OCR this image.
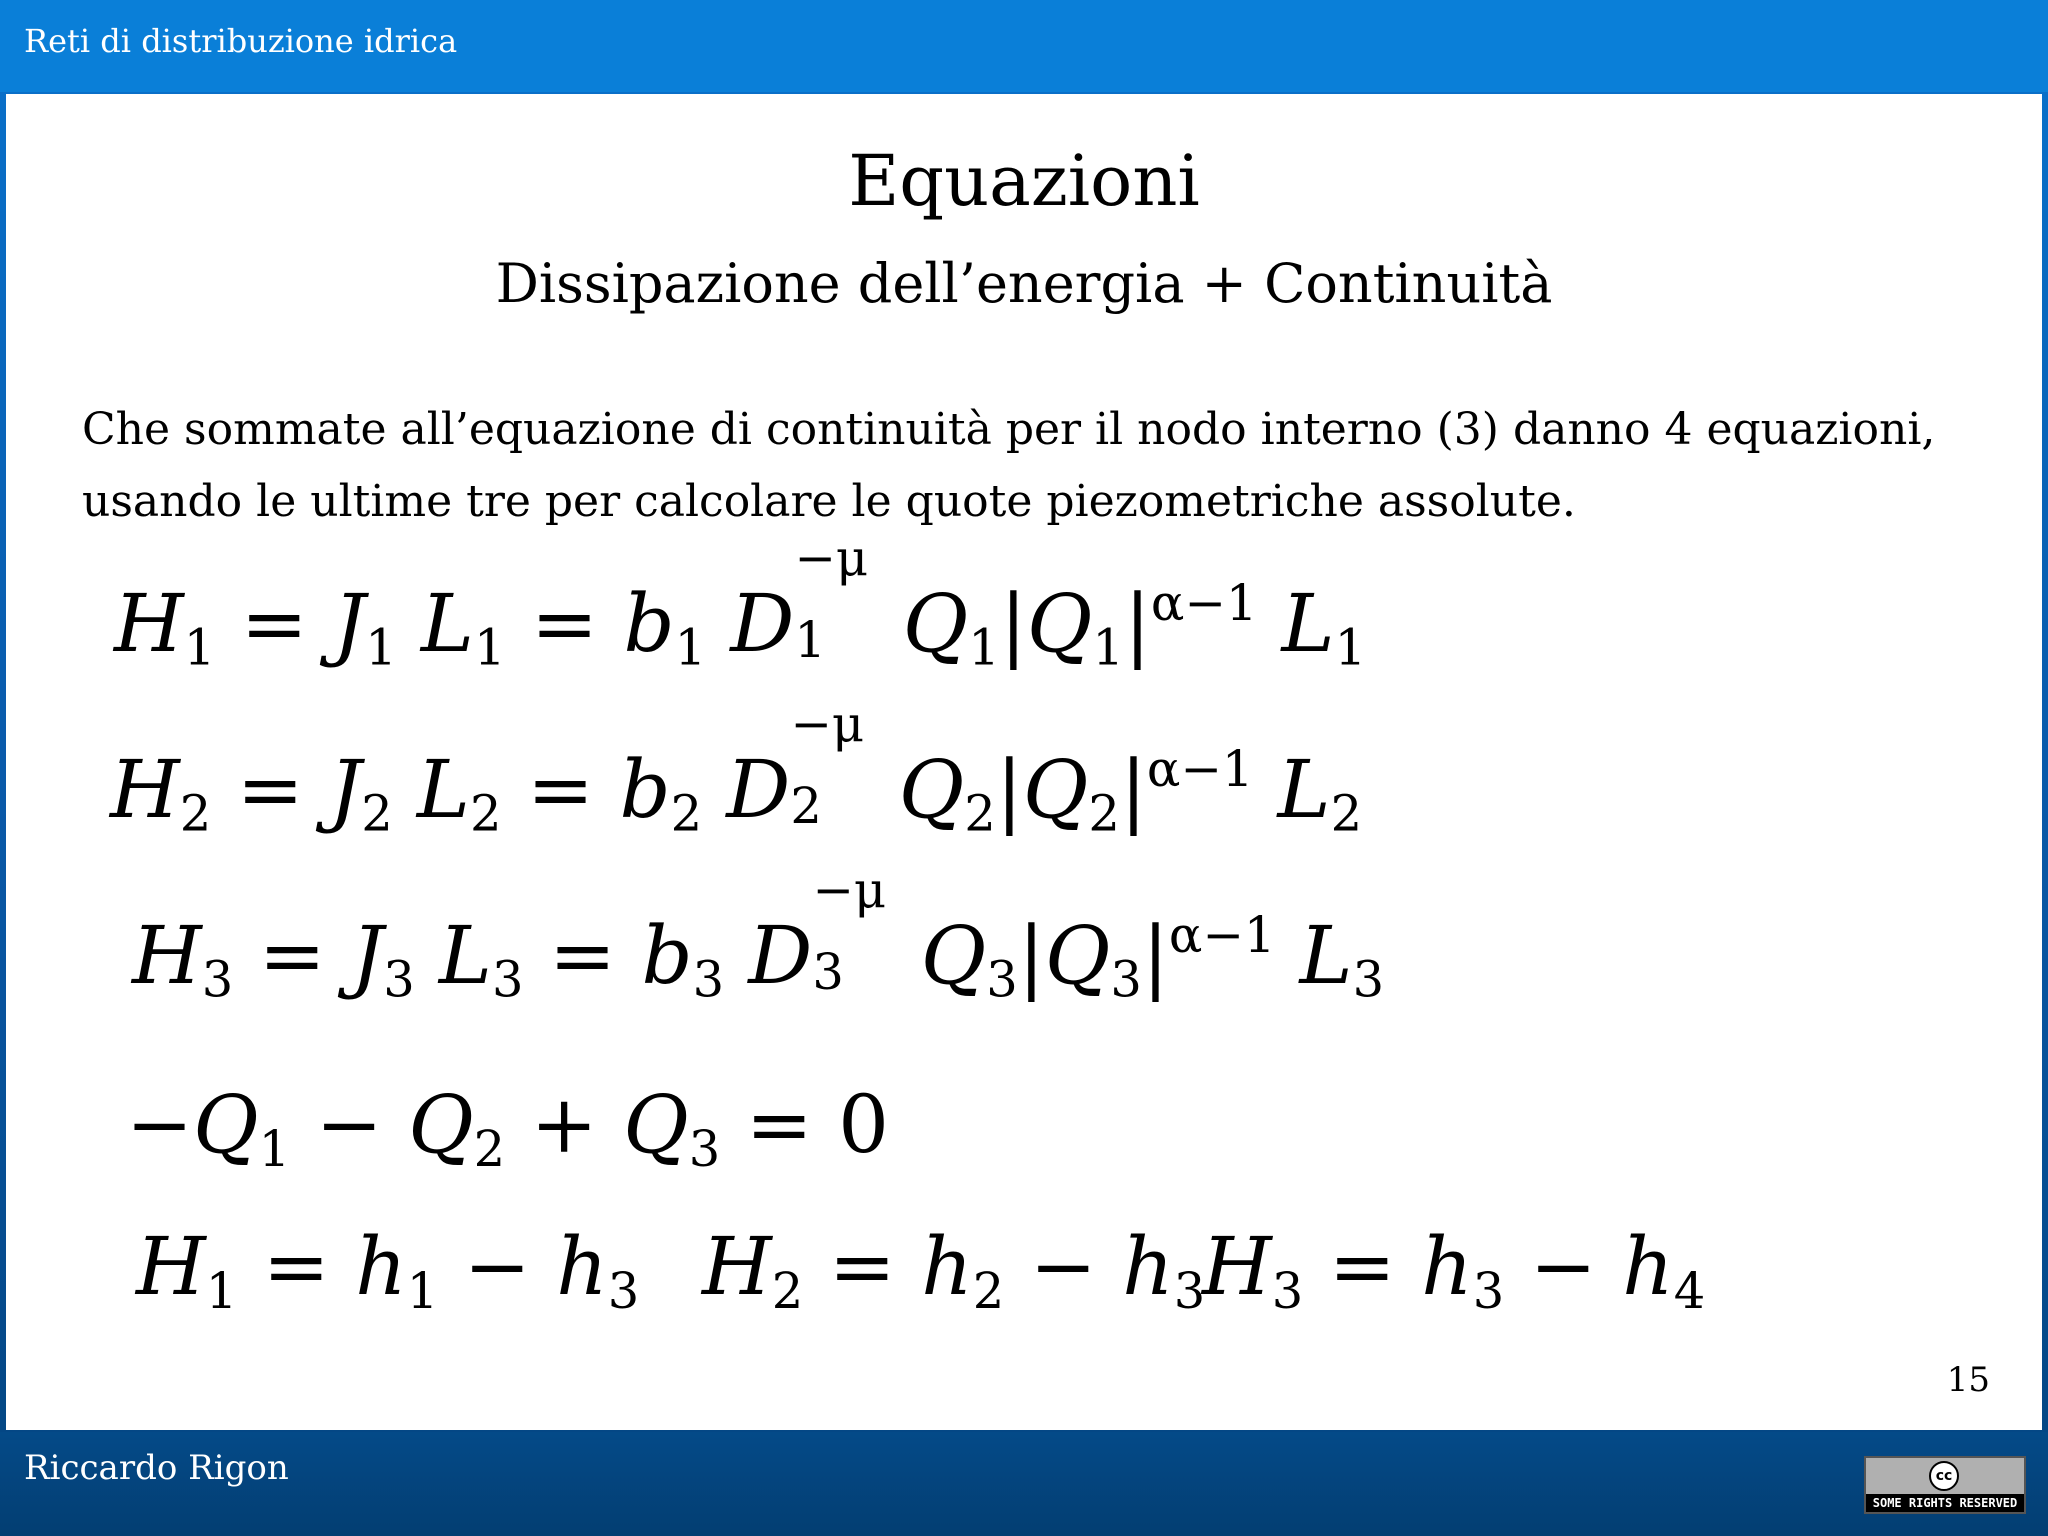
Reti di distribuzione idrica
Equazioni
Dissipazione dell’energia + Continuità
Che sommate all’equazione di continuità per il nodo interno (3) danno 4 equazioni, usando le ultime tre per calcolare le quote piezometriche assolute.
$H_1 = J_1$ $L_1 = b_1$ D
−μ
1 $Q_1|Q_1|^{\alpha-1}$ $L_1$
$H_2 = J_2$ $L_2 = b_2$ D
−μ
2 $Q_2|Q_2|^{\alpha-1}$ $L_2$
$H_3 = J_3$ $L_3 = b_3$ D
−μ
3 $Q_3|Q_3|^{\alpha-1}$ $L_3$
$-Q_1 - Q_2 + Q_3 = 0$
$H_1 = h_1 - h_3$ $H_2 = h_2 - h_3$
$H_3 = h_3 - h_4$
15
Riccardo Rigon	cc
SOME RIGHTS RESERVED
